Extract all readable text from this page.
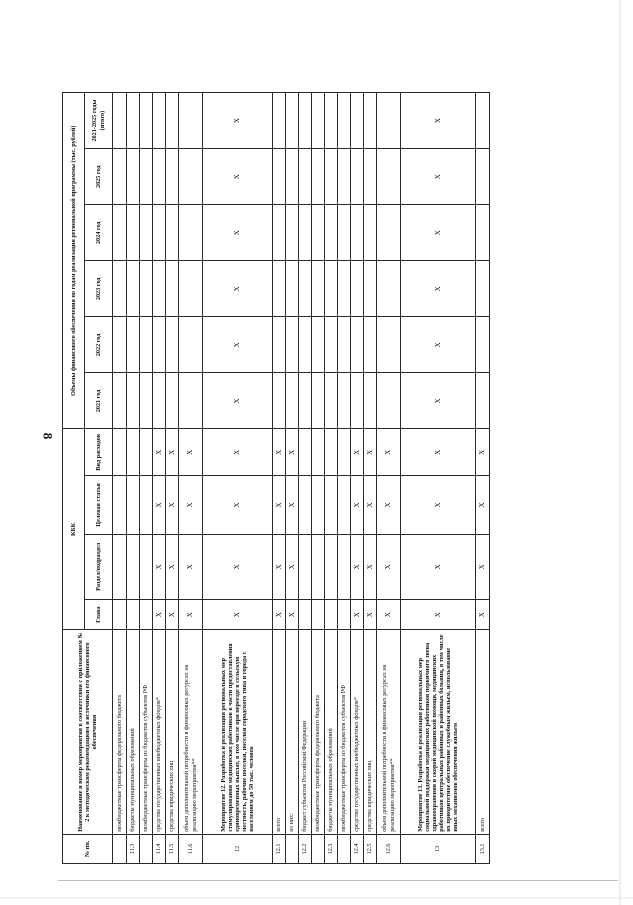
8
№ пп.	Наименование и номер мероприятия в соответствии с приложением № 2 к методическим рекомендациям и источники его финансового обеспечения	КБК				Объемы финансового обеспечения по годам реализации региональной программы (тыс. рублей)					
		Глава	Раздел/подраздел	Целевая статья	Вид расходов	2021 год	2022 год	2023 год	2024 год	2025 год	2021-2025 годы (итого)

	межбюджетные трансферты федерального бюджета										
11.3	бюджеты муниципальных образований										
	межбюджетные трансферты из бюджетов субъектов РФ										
11.4	средства государственных внебюджетных фондов*	X	X	X	X						
11.5	средства юридических лиц	X	X	X	X						
11.6	объем дополнительной потребности в финансовых ресурсах на реализацию мероприятия**	X	X	X	X						
12	Мероприятие 12. Разработка и реализация региональных мер стимулирования медицинских работников в части предоставления единовременных выплат, в том числе при переезде в сельскую местность, рабочие поселки, поселки городского типа и города с населением до 50 тыс. человек	X	X	X	X	X	X	X	X	X	X
12.1	всего	X	X	X	X						
	из них:	X	X	X	X						
12.2	бюджет субъектов Российской Федерации										
	межбюджетные трансферты федерального бюджета										
12.3	бюджеты муниципальных образований										
	межбюджетные трансферты из бюджетов субъектов РФ										
12.4	средства государственных внебюджетных фондов*	X	X	X	X						
12.5	средства юридических лиц	X	X	X	X						
12.6	объем дополнительной потребности в финансовых ресурсах на реализацию мероприятия**	X	X	X	X						
13	Мероприятие 13. Разработка и реализация региональных мер социальной поддержки медицинских работников первичного звена здравоохранения и скорой медицинской помощи, медицинских работников центральных районных и районных больниц, в том числе их приоритетное обеспечение служебным жильем, использование иных механизмов обеспечения жильем	X	X	X	X	X	X	X	X	X	X
13.1	всего	X	X	X	X						
